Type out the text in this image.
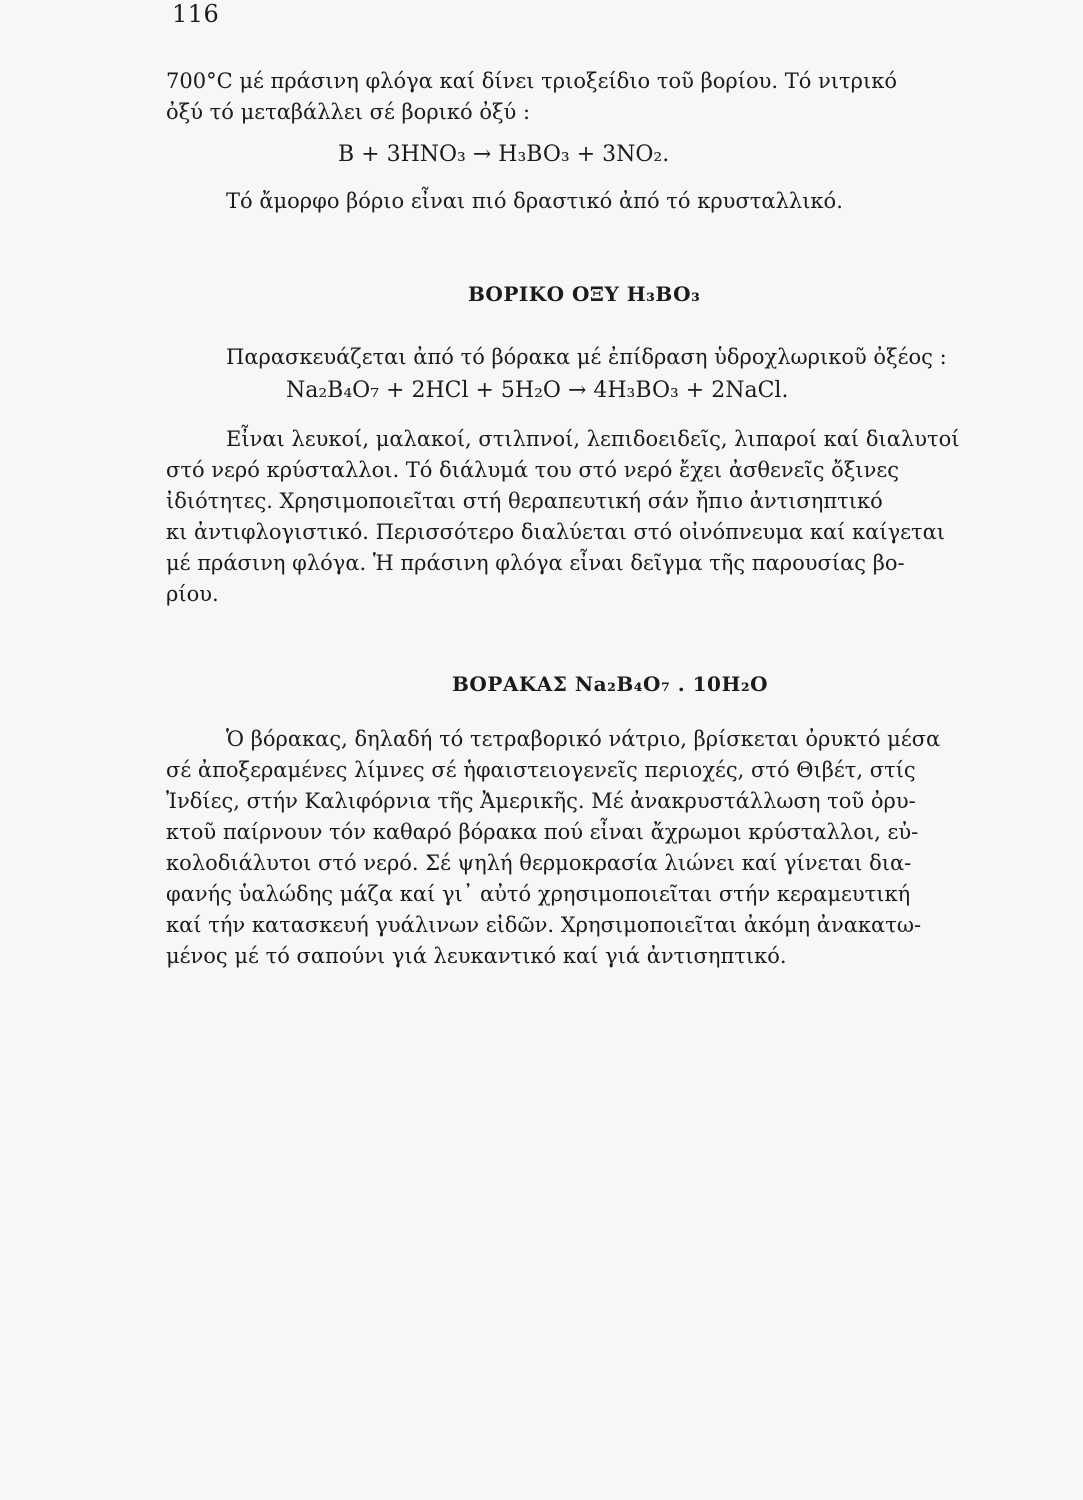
116
700°C μέ πράσινη φλόγα καί δίνει τριοξείδιο τοῦ βορίου. Τό νιτρικό
ὀξύ τό μεταβάλλει σέ βορικό ὀξύ :
B + 3HNO₃ → H₃BO₃ + 3NO₂.
Τό ἄμορφο βόριο εἶναι πιό δραστικό ἀπό τό κρυσταλλικό.
ΒΟΡΙΚΟ ΟΞΥ H₃BO₃
Παρασκευάζεται ἀπό τό βόρακα μέ ἐπίδραση ὑδροχλωρικοῦ ὀξέος :
Na₂B₄O₇ + 2HCl + 5H₂O → 4H₃BO₃ + 2NaCl.
Εἶναι λευκοί, μαλακοί, στιλπνοί, λεπιδοειδεῖς, λιπαροί καί διαλυτοί
στό νερό κρύσταλλοι. Τό διάλυμά του στό νερό ἔχει ἀσθενεῖς ὄξινες
ἰδιότητες. Χρησιμοποιεῖται στή θεραπευτική σάν ἤπιο ἀντισηπτικό
κι ἀντιφλογιστικό. Περισσότερο διαλύεται στό οἰνόπνευμα καί καίγεται
μέ πράσινη φλόγα. Ἡ πράσινη φλόγα εἶναι δεῖγμα τῆς παρουσίας βο-
ρίου.
ΒΟΡΑΚΑΣ Na₂B₄O₇ . 10H₂O
Ὁ βόρακας, δηλαδή τό τετραβορικό νάτριο, βρίσκεται ὀρυκτό μέσα
σέ ἀποξεραμένες λίμνες σέ ἡφαιστειογενεῖς περιοχές, στό Θιβέτ, στίς
Ἰνδίες, στήν Καλιφόρνια τῆς Ἀμερικῆς. Μέ ἀνακρυστάλλωση τοῦ ὀρυ-
κτοῦ παίρνουν τόν καθαρό βόρακα πού εἶναι ἄχρωμοι κρύσταλλοι, εὐ-
κολοδιάλυτοι στό νερό. Σέ ψηλή θερμοκρασία λιώνει καί γίνεται δια-
φανής ὑαλώδης μάζα καί γι᾽ αὐτό χρησιμοποιεῖται στήν κεραμευτική
καί τήν κατασκευή γυάλινων εἰδῶν. Χρησιμοποιεῖται ἀκόμη ἀνακατω-
μένος μέ τό σαπούνι γιά λευκαντικό καί γιά ἀντισηπτικό.
